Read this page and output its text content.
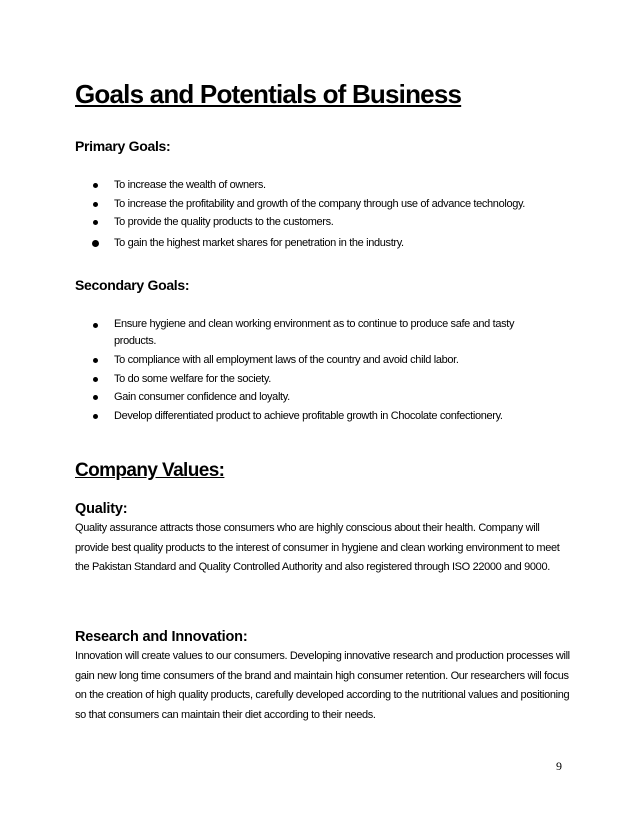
Goals and Potentials of Business
Primary Goals:
To increase the wealth of owners.
To increase the profitability and growth of the company through use of advance technology.
To provide the quality products to the customers.
To gain the highest market shares for penetration in the industry.
Secondary Goals:
Ensure hygiene and clean working environment as to continue to produce safe and tasty products.
To compliance with all employment laws of the country and avoid child labor.
To do some welfare for the society.
Gain consumer confidence and loyalty.
Develop differentiated product to achieve profitable growth in Chocolate confectionery.
Company Values:
Quality:
Quality assurance attracts those consumers who are highly conscious about their health. Company will provide best quality products to the interest of consumer in hygiene and clean working environment to meet the Pakistan Standard and Quality Controlled Authority and also registered through ISO 22000 and 9000.
Research and Innovation:
Innovation will create values to our consumers. Developing innovative research and production processes will gain new long time consumers of the brand and maintain high consumer retention. Our researchers will focus on the creation of high quality products, carefully developed according to the nutritional values and positioning so that consumers can maintain their diet according to their needs.
9
